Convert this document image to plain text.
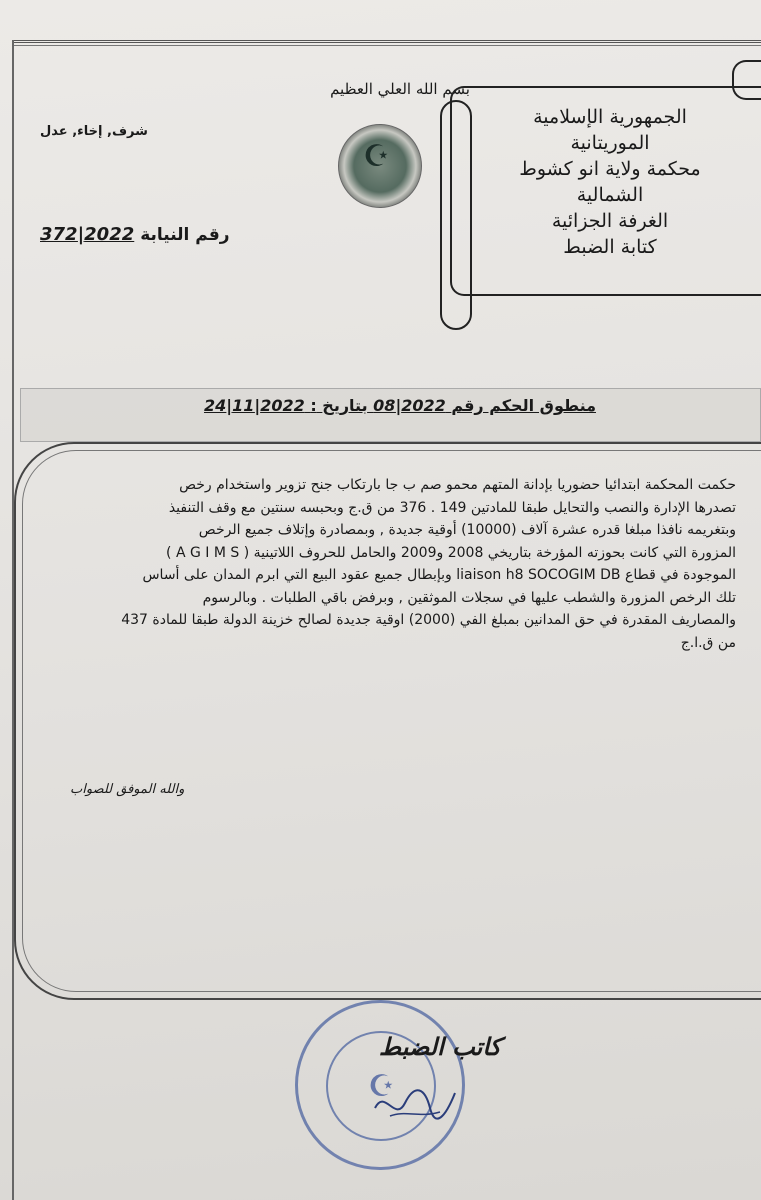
بسم الله العلي العظيم
الجمهورية الإسلامية
الموريتانية
محكمة ولاية انو كشوط
الشمالية
الغرفة الجزائية
كتابة الضبط
☪
شرف, إخاء, عدل
رقم النيابة 2022|372
منطوق الحكم رقم 2022|08 بتاريخ : 2022|11|24

حكمت المحكمة ابتدائيا حضوريا بإدانة المتهم محمو صم ب جا بارتكاب جنح تزوير واستخدام رخص

تصدرها الإدارة والنصب والتحايل طبقا للمادتين 149 . 376 من ق.ج وبحبسه سنتين مع وقف التنفيذ

وبتغريمه نافذا مبلغا قدره عشرة آلاف (10000) أوقية جديدة , وبمصادرة وإتلاف جميع الرخص

المزورة التي كانت بحوزته المؤرخة بتاريخي 2008 و2009 والحامل للحروف اللاتينية ( A G I M S )

الموجودة في قطاع liaison h8 SOCOGIM DB وبإبطال جميع عقود البيع التي ابرم المدان على أساس

تلك الرخص المزورة والشطب عليها في سجلات الموثقين , وبرفض باقي الطلبات . وبالرسوم

والمصاريف المقدرة في حق المدانين بمبلغ الفي (2000) اوقية جديدة لصالح خزينة الدولة طبقا للمادة 437

من ق.ا.ج

والله الموفق للصواب
☪
كاتب الضبط
